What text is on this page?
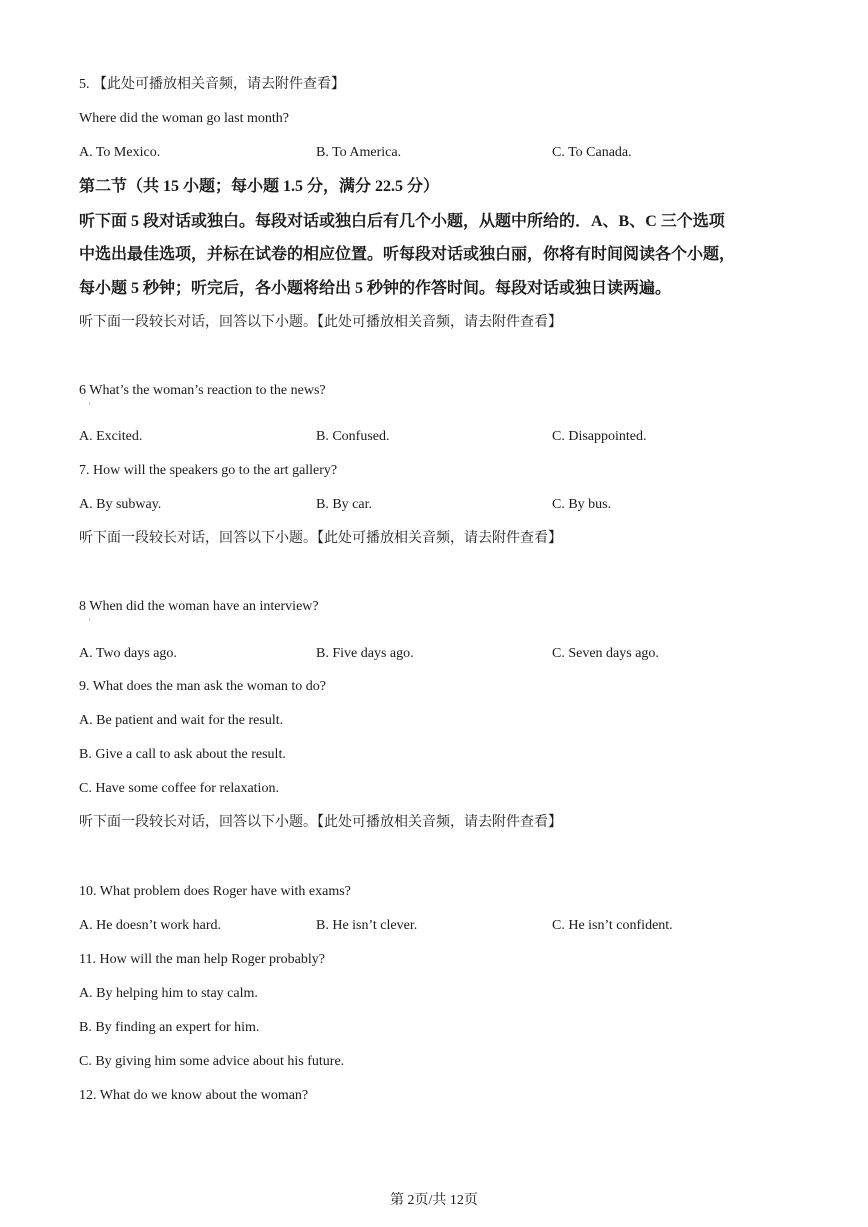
5. 【此处可播放相关音频，请去附件查看】
Where did the woman go last month?
A. To Mexico.	B. To America.	C. To Canada.
第二节（共 15 小题；每小题 1.5 分，满分 22.5 分）
听下面 5 段对话或独白。每段对话或独白后有几个小题，从题中所给的．A、B、C 三个选项
中选出最佳选项，并标在试卷的相应位置。听每段对话或独白丽，你将有时间阅读各个小题，
每小题 5 秒钟；听完后，各小题将给出 5 秒钟的作答时间。每段对话或独日读两遍。
听下面一段较长对话，回答以下小题。【此处可播放相关音频，请去附件查看】
6 What’s the woman’s reaction to the news?
'
A. Excited.	B. Confused.	C. Disappointed.
7. How will the speakers go to the art gallery?
A. By subway.	B. By car.	C. By bus.
听下面一段较长对话，回答以下小题。【此处可播放相关音频，请去附件查看】
8 When did the woman have an interview?
'
A. Two days ago.	B. Five days ago.	C. Seven days ago.
9. What does the man ask the woman to do?
A. Be patient and wait for the result.
B. Give a call to ask about the result.
C. Have some coffee for relaxation.
听下面一段较长对话，回答以下小题。【此处可播放相关音频，请去附件查看】
10. What problem does Roger have with exams?
A. He doesn’t work hard.	B. He isn’t clever.	C. He isn’t confident.
11. How will the man help Roger probably?
A. By helping him to stay calm.
B. By finding an expert for him.
C. By giving him some advice about his future.
12. What do we know about the woman?
第 2页/共 12页
